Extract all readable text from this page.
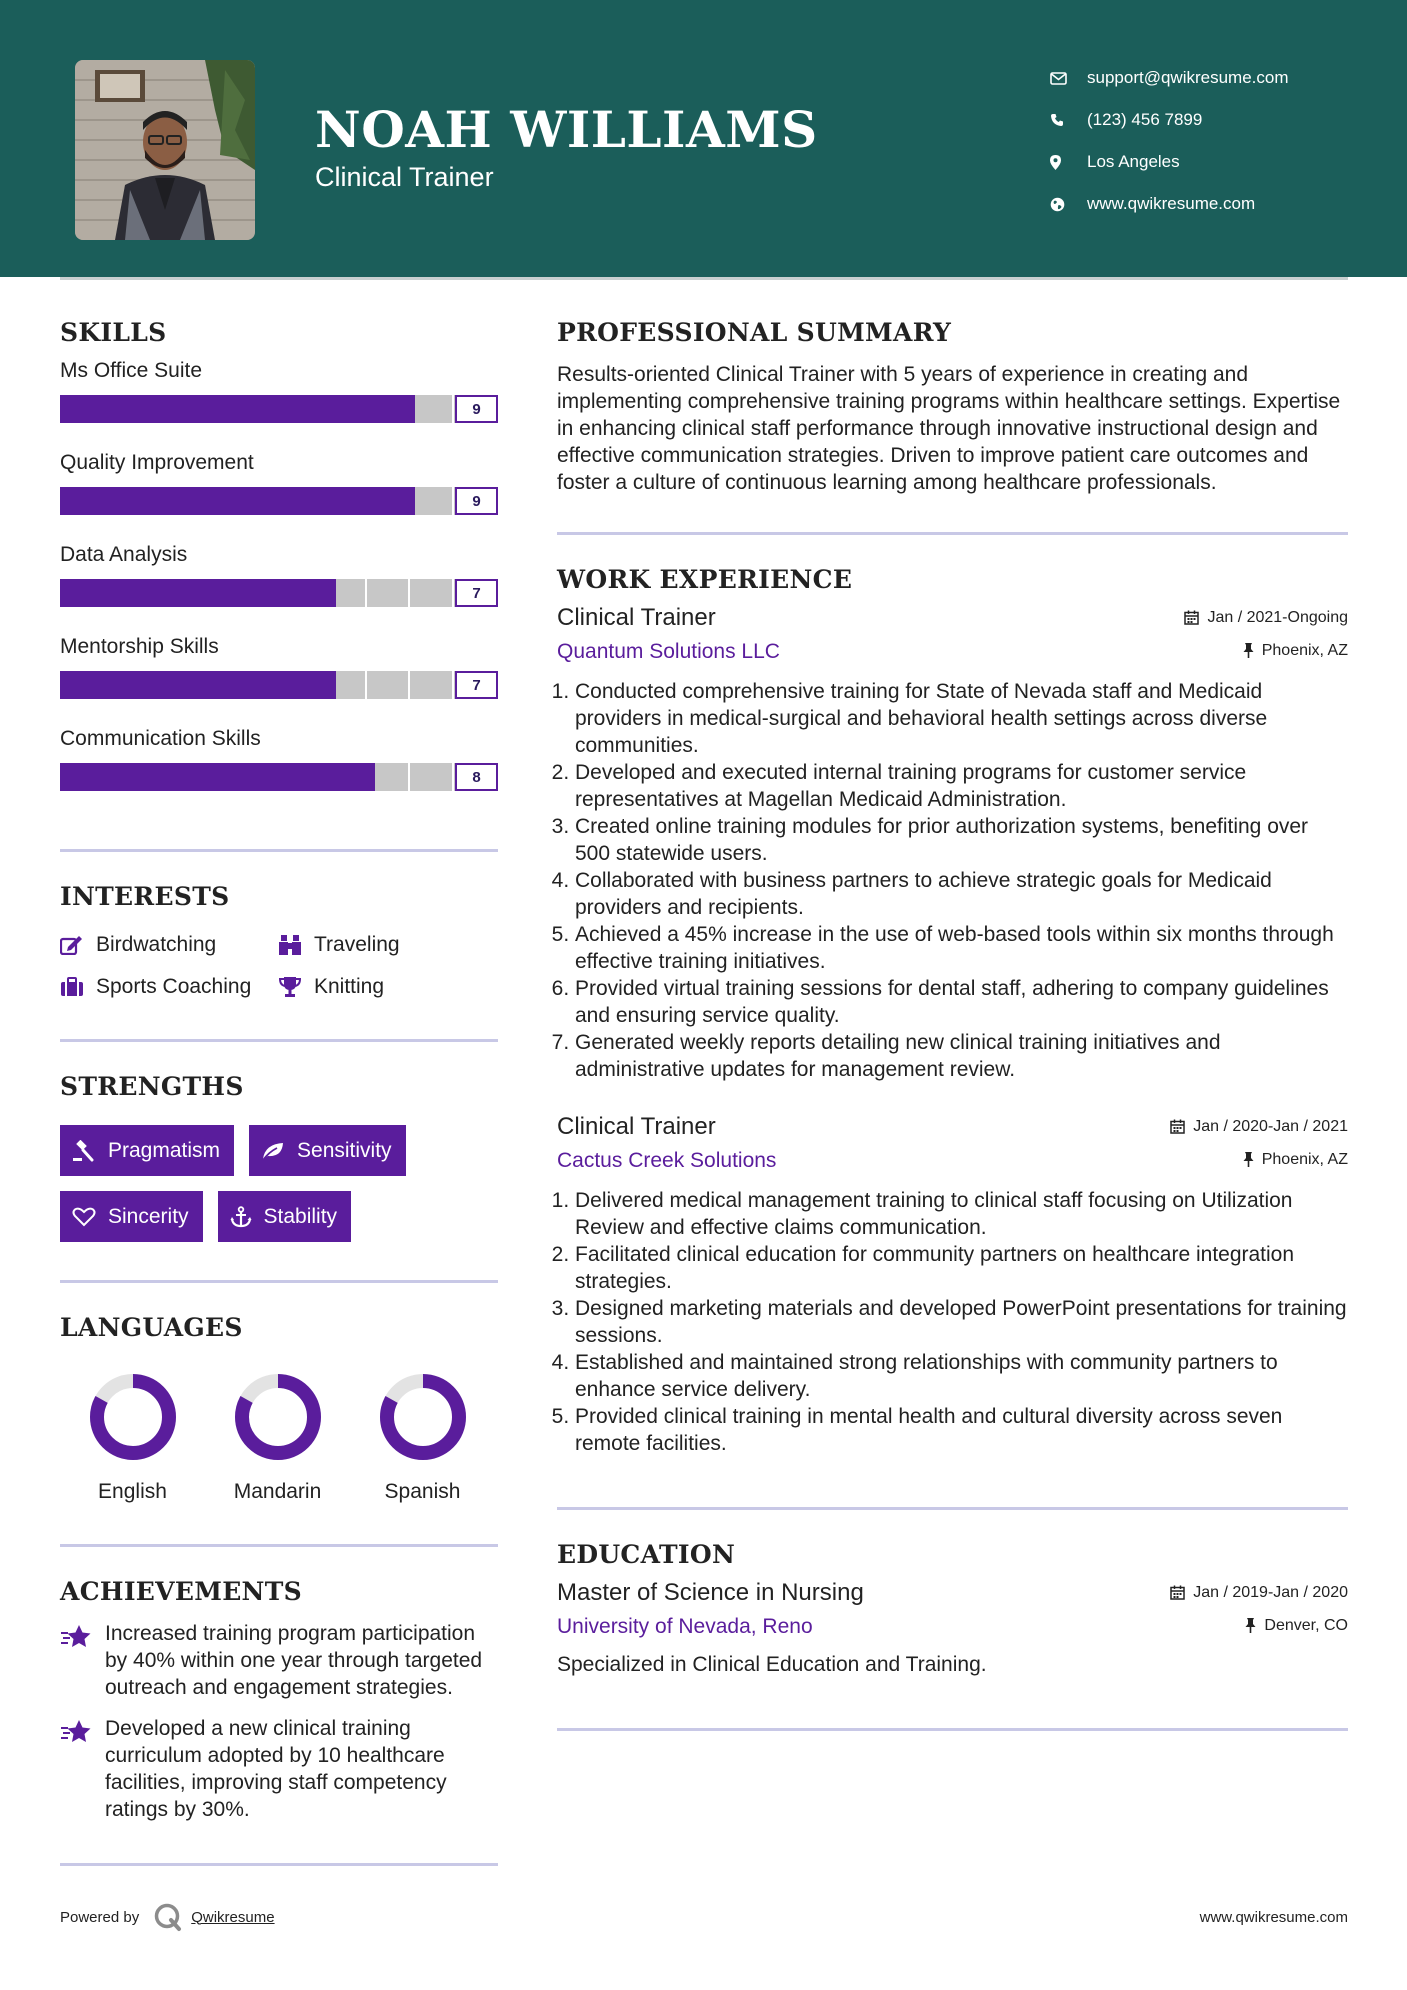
NOAH WILLIAMS
Clinical Trainer
support@qwikresume.com
(123) 456 7899
Los Angeles
www.qwikresume.com
SKILLS
Ms Office Suite
9
Quality Improvement
9
Data Analysis
7
Mentorship Skills
7
Communication Skills
8
INTERESTS
Birdwatching	Traveling
Sports Coaching	Knitting
STRENGTHS
Pragmatism	Sensitivity
Sincerity	Stability
LANGUAGES
English	Mandarin	Spanish
ACHIEVEMENTS
Increased training program participation by 40% within one year through targeted outreach and engagement strategies.
Developed a new clinical training curriculum adopted by 10 healthcare facilities, improving staff competency ratings by 30%.
PROFESSIONAL SUMMARY
Results-oriented Clinical Trainer with 5 years of experience in creating and implementing comprehensive training programs within healthcare settings. Expertise in enhancing clinical staff performance through innovative instructional design and effective communication strategies. Driven to improve patient care outcomes and foster a culture of continuous learning among healthcare professionals.
WORK EXPERIENCE
Clinical Trainer	Jan / 2021-Ongoing
Quantum Solutions LLC	Phoenix, AZ
1. Conducted comprehensive training for State of Nevada staff and Medicaid providers in medical-surgical and behavioral health settings across diverse communities.
2. Developed and executed internal training programs for customer service representatives at Magellan Medicaid Administration.
3. Created online training modules for prior authorization systems, benefiting over 500 statewide users.
4. Collaborated with business partners to achieve strategic goals for Medicaid providers and recipients.
5. Achieved a 45% increase in the use of web-based tools within six months through effective training initiatives.
6. Provided virtual training sessions for dental staff, adhering to company guidelines and ensuring service quality.
7. Generated weekly reports detailing new clinical training initiatives and administrative updates for management review.
Clinical Trainer	Jan / 2020-Jan / 2021
Cactus Creek Solutions	Phoenix, AZ
1. Delivered medical management training to clinical staff focusing on Utilization Review and effective claims communication.
2. Facilitated clinical education for community partners on healthcare integration strategies.
3. Designed marketing materials and developed PowerPoint presentations for training sessions.
4. Established and maintained strong relationships with community partners to enhance service delivery.
5. Provided clinical training in mental health and cultural diversity across seven remote facilities.
EDUCATION
Master of Science in Nursing	Jan / 2019-Jan / 2020
University of Nevada, Reno	Denver, CO
Specialized in Clinical Education and Training.
Powered by	Qwikresume	www.qwikresume.com
